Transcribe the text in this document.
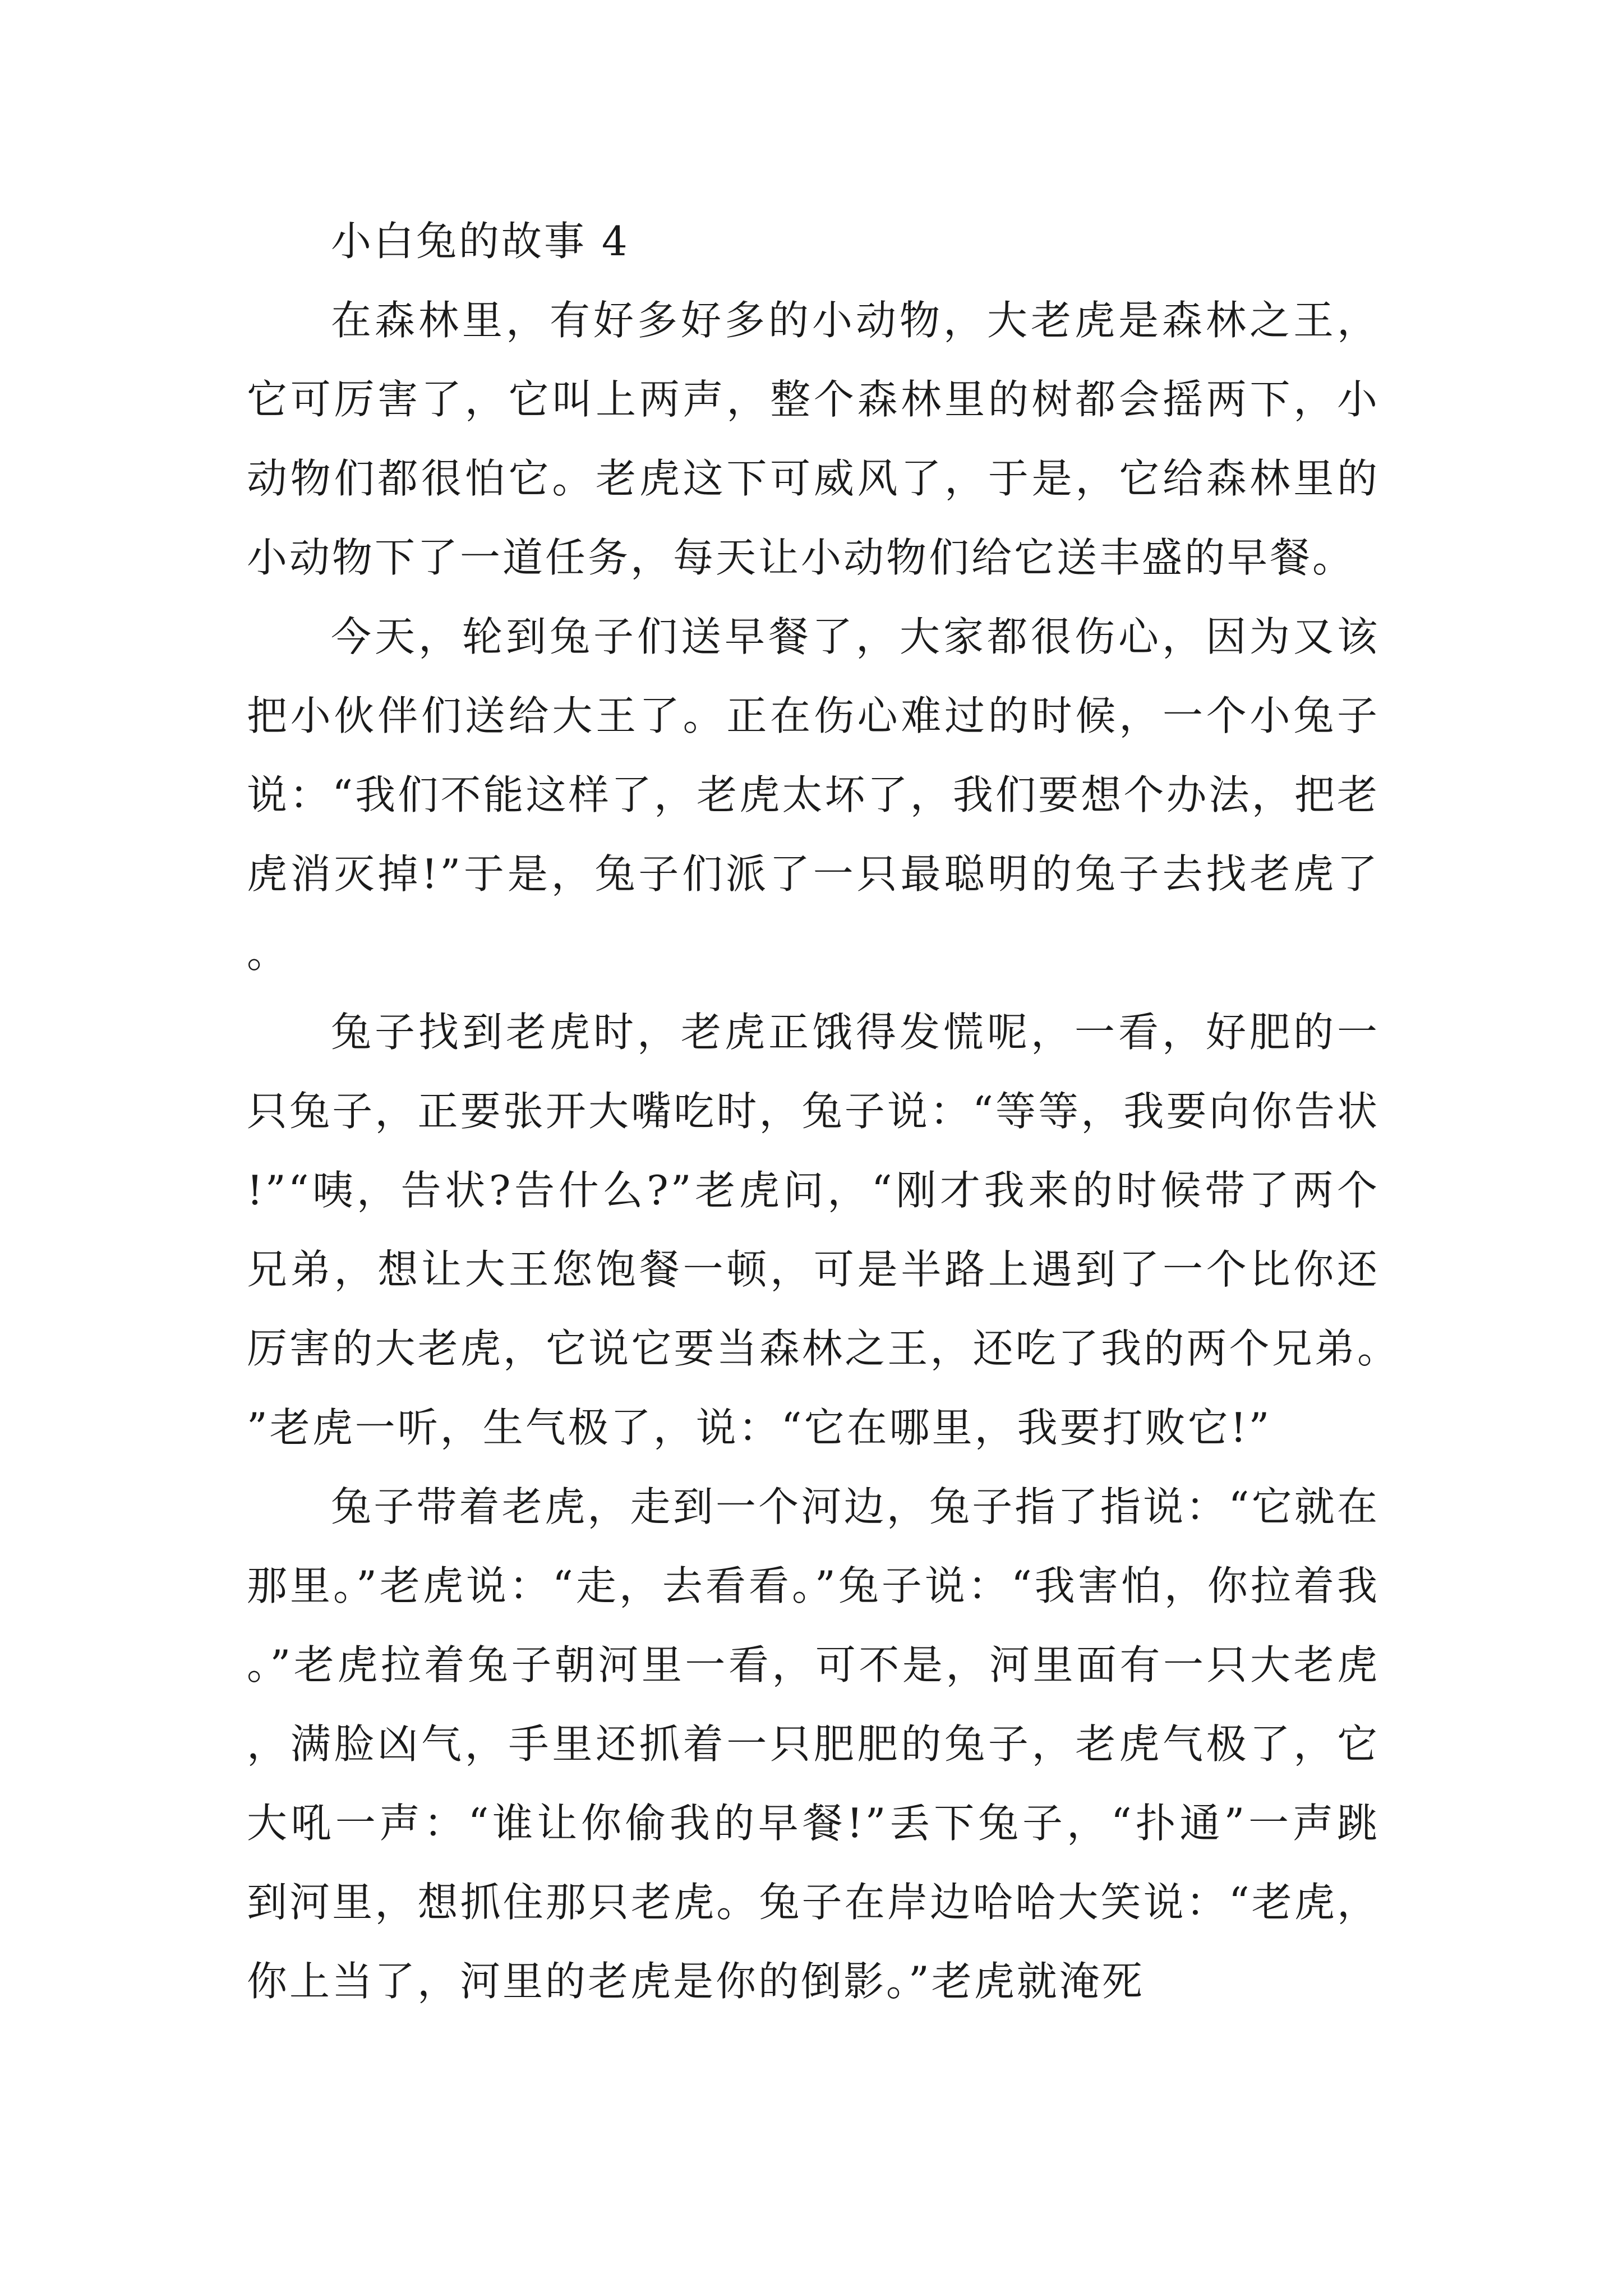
小白兔的故事 4

在森林里，有好多好多的小动物，大老虎是森林之王，它可厉害了，它叫上两声，整个森林里的树都会摇两下，小动物们都很怕它。老虎这下可威风了，于是，它给森林里的小动物下了一道任务，每天让小动物们给它送丰盛的早餐。

今天，轮到兔子们送早餐了，大家都很伤心，因为又该把小伙伴们送给大王了。正在伤心难过的时候，一个小兔子说：“我们不能这样了，老虎太坏了，我们要想个办法，把老虎消灭掉!”于是，兔子们派了一只最聪明的兔子去找老虎了。

兔子找到老虎时，老虎正饿得发慌呢，一看，好肥的一只兔子，正要张开大嘴吃时，兔子说：“等等，我要向你告状!”“咦，告状?告什么?”老虎问，“刚才我来的时候带了两个兄弟，想让大王您饱餐一顿，可是半路上遇到了一个比你还厉害的大老虎，它说它要当森林之王，还吃了我的两个兄弟。”老虎一听，生气极了，说：“它在哪里，我要打败它!”

兔子带着老虎，走到一个河边，兔子指了指说：“它就在那里。”老虎说：“走，去看看。”兔子说：“我害怕，你拉着我。”老虎拉着兔子朝河里一看，可不是，河里面有一只大老虎，满脸凶气，手里还抓着一只肥肥的兔子，老虎气极了，它大吼一声：“谁让你偷我的早餐!”丢下兔子，“扑通”一声跳到河里，想抓住那只老虎。兔子在岸边哈哈大笑说：“老虎，你上当了，河里的老虎是你的倒影。”老虎就淹死
